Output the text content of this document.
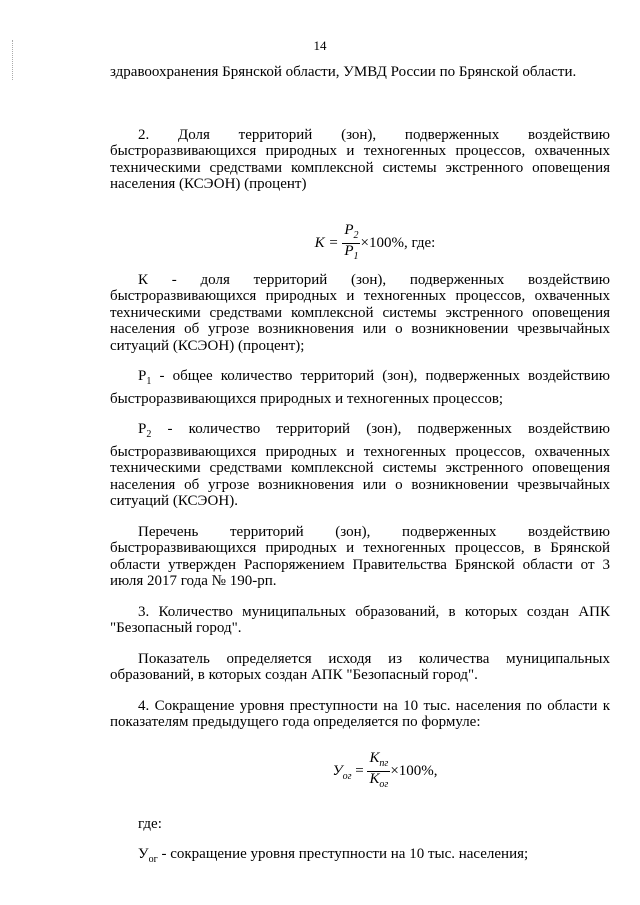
14

здравоохранения Брянской области, УМВД России по Брянской области.

2. Доля территорий (зон), подверженных воздействию быстроразвивающихся природных и техногенных процессов, охваченных техническими средствами комплексной системы экстренного оповещения населения (КСЭОН) (процент)

$K = \frac{P_2}{P_1} \times 100\%$, где:

К - доля территорий (зон), подверженных воздействию быстроразвивающихся природных и техногенных процессов, охваченных техническими средствами комплексной системы экстренного оповещения населения об угрозе возникновения или о возникновении чрезвычайных ситуаций (КСЭОН) (процент);

$Р_1$ - общее количество территорий (зон), подверженных воздействию быстроразвивающихся природных и техногенных процессов;

$Р_2$ - количество территорий (зон), подверженных воздействию быстроразвивающихся природных и техногенных процессов, охваченных техническими средствами комплексной системы экстренного оповещения населения об угрозе возникновения или о возникновении чрезвычайных ситуаций (КСЭОН).

Перечень территорий (зон), подверженных воздействию быстроразвивающихся природных и техногенных процессов, в Брянской области утвержден Распоряжением Правительства Брянской области от 3 июля 2017 года № 190-рп.

3. Количество муниципальных образований, в которых создан АПК "Безопасный город".

Показатель определяется исходя из количества муниципальных образований, в которых создан АПК "Безопасный город".

4. Сокращение уровня преступности на 10 тыс. населения по области к показателям предыдущего года определяется по формуле:

$У_{ог} = \frac{К_{пг}}{К_{ог}} \times 100\%$,

где:

$У_{ог}$ - сокращение уровня преступности на 10 тыс. населения;
